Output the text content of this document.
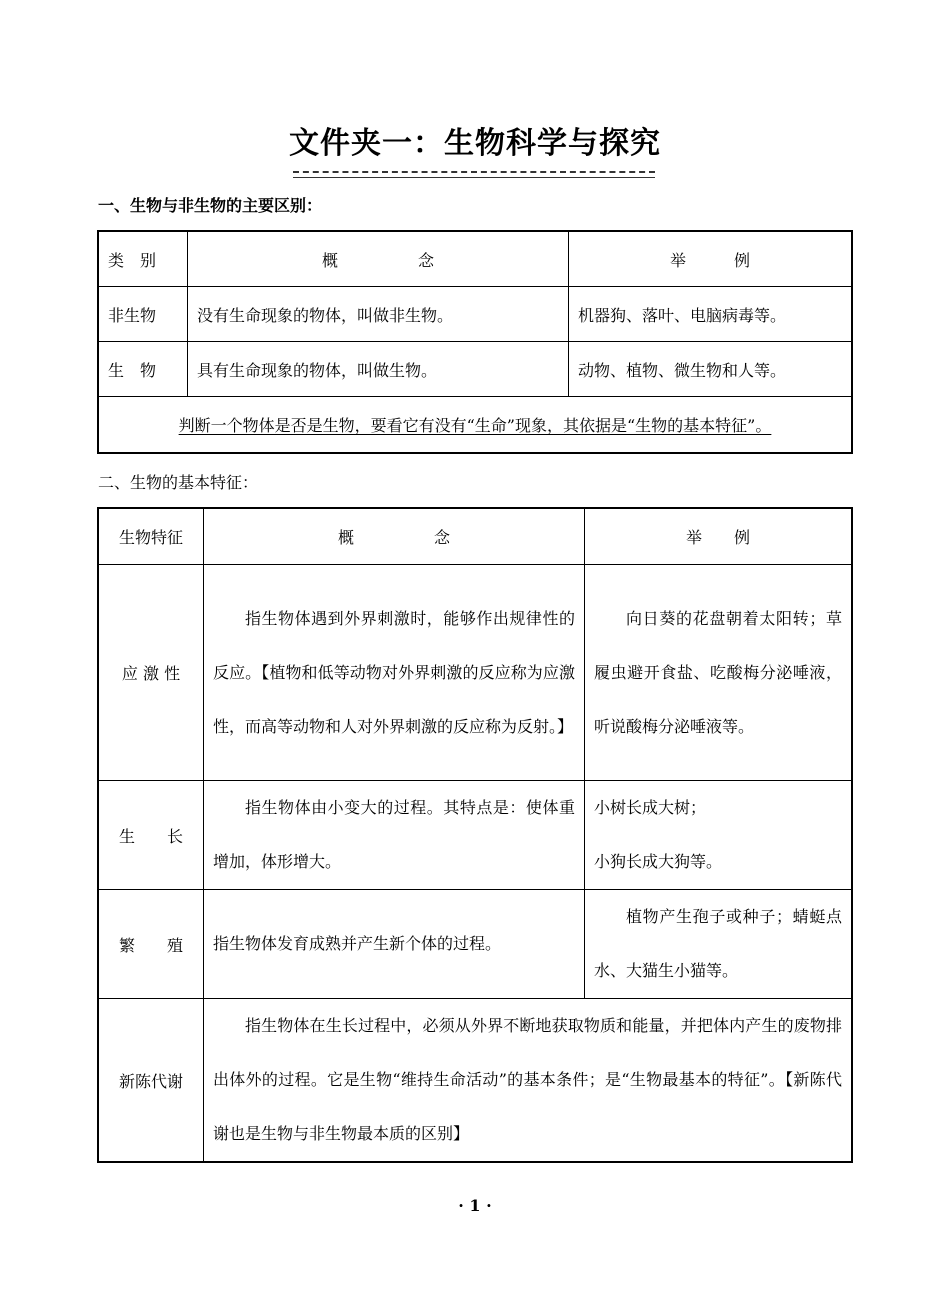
文件夹一：生物科学与探究
一、生物与非生物的主要区别：
类　别	概　　　　　念	举　　　例
非生物	没有生命现象的物体，叫做非生物。	机器狗、落叶、电脑病毒等。
生　物	具有生命现象的物体，叫做生物。	动物、植物、微生物和人等。
判断一个物体是否是生物，要看它有没有“生命”现象，其依据是“生物的基本特征”。		
二、生物的基本特征：
生物特征	概　　　　　念	举　　例
应 激 性	指生物体遇到外界刺激时，能够作出规律性的反应。【植物和低等动物对外界刺激的反应称为应激性，而高等动物和人对外界刺激的反应称为反射。】	向日葵的花盘朝着太阳转；草履虫避开食盐、吃酸梅分泌唾液，听说酸梅分泌唾液等。
生　　长	指生物体由小变大的过程。其特点是：使体重增加，体形增大。	小树长成大树；
小狗长成大狗等。

繁　　殖	指生物体发育成熟并产生新个体的过程。	植物产生孢子或种子；蜻蜓点水、大猫生小猫等。
新陈代谢	指生物体在生长过程中，必须从外界不断地获取物质和能量，并把体内产生的废物排出体外的过程。它是生物“维持生命活动”的基本条件；是“生物最基本的特征”。【新陈代谢也是生物与非生物最本质的区别】	
· 1 ·
